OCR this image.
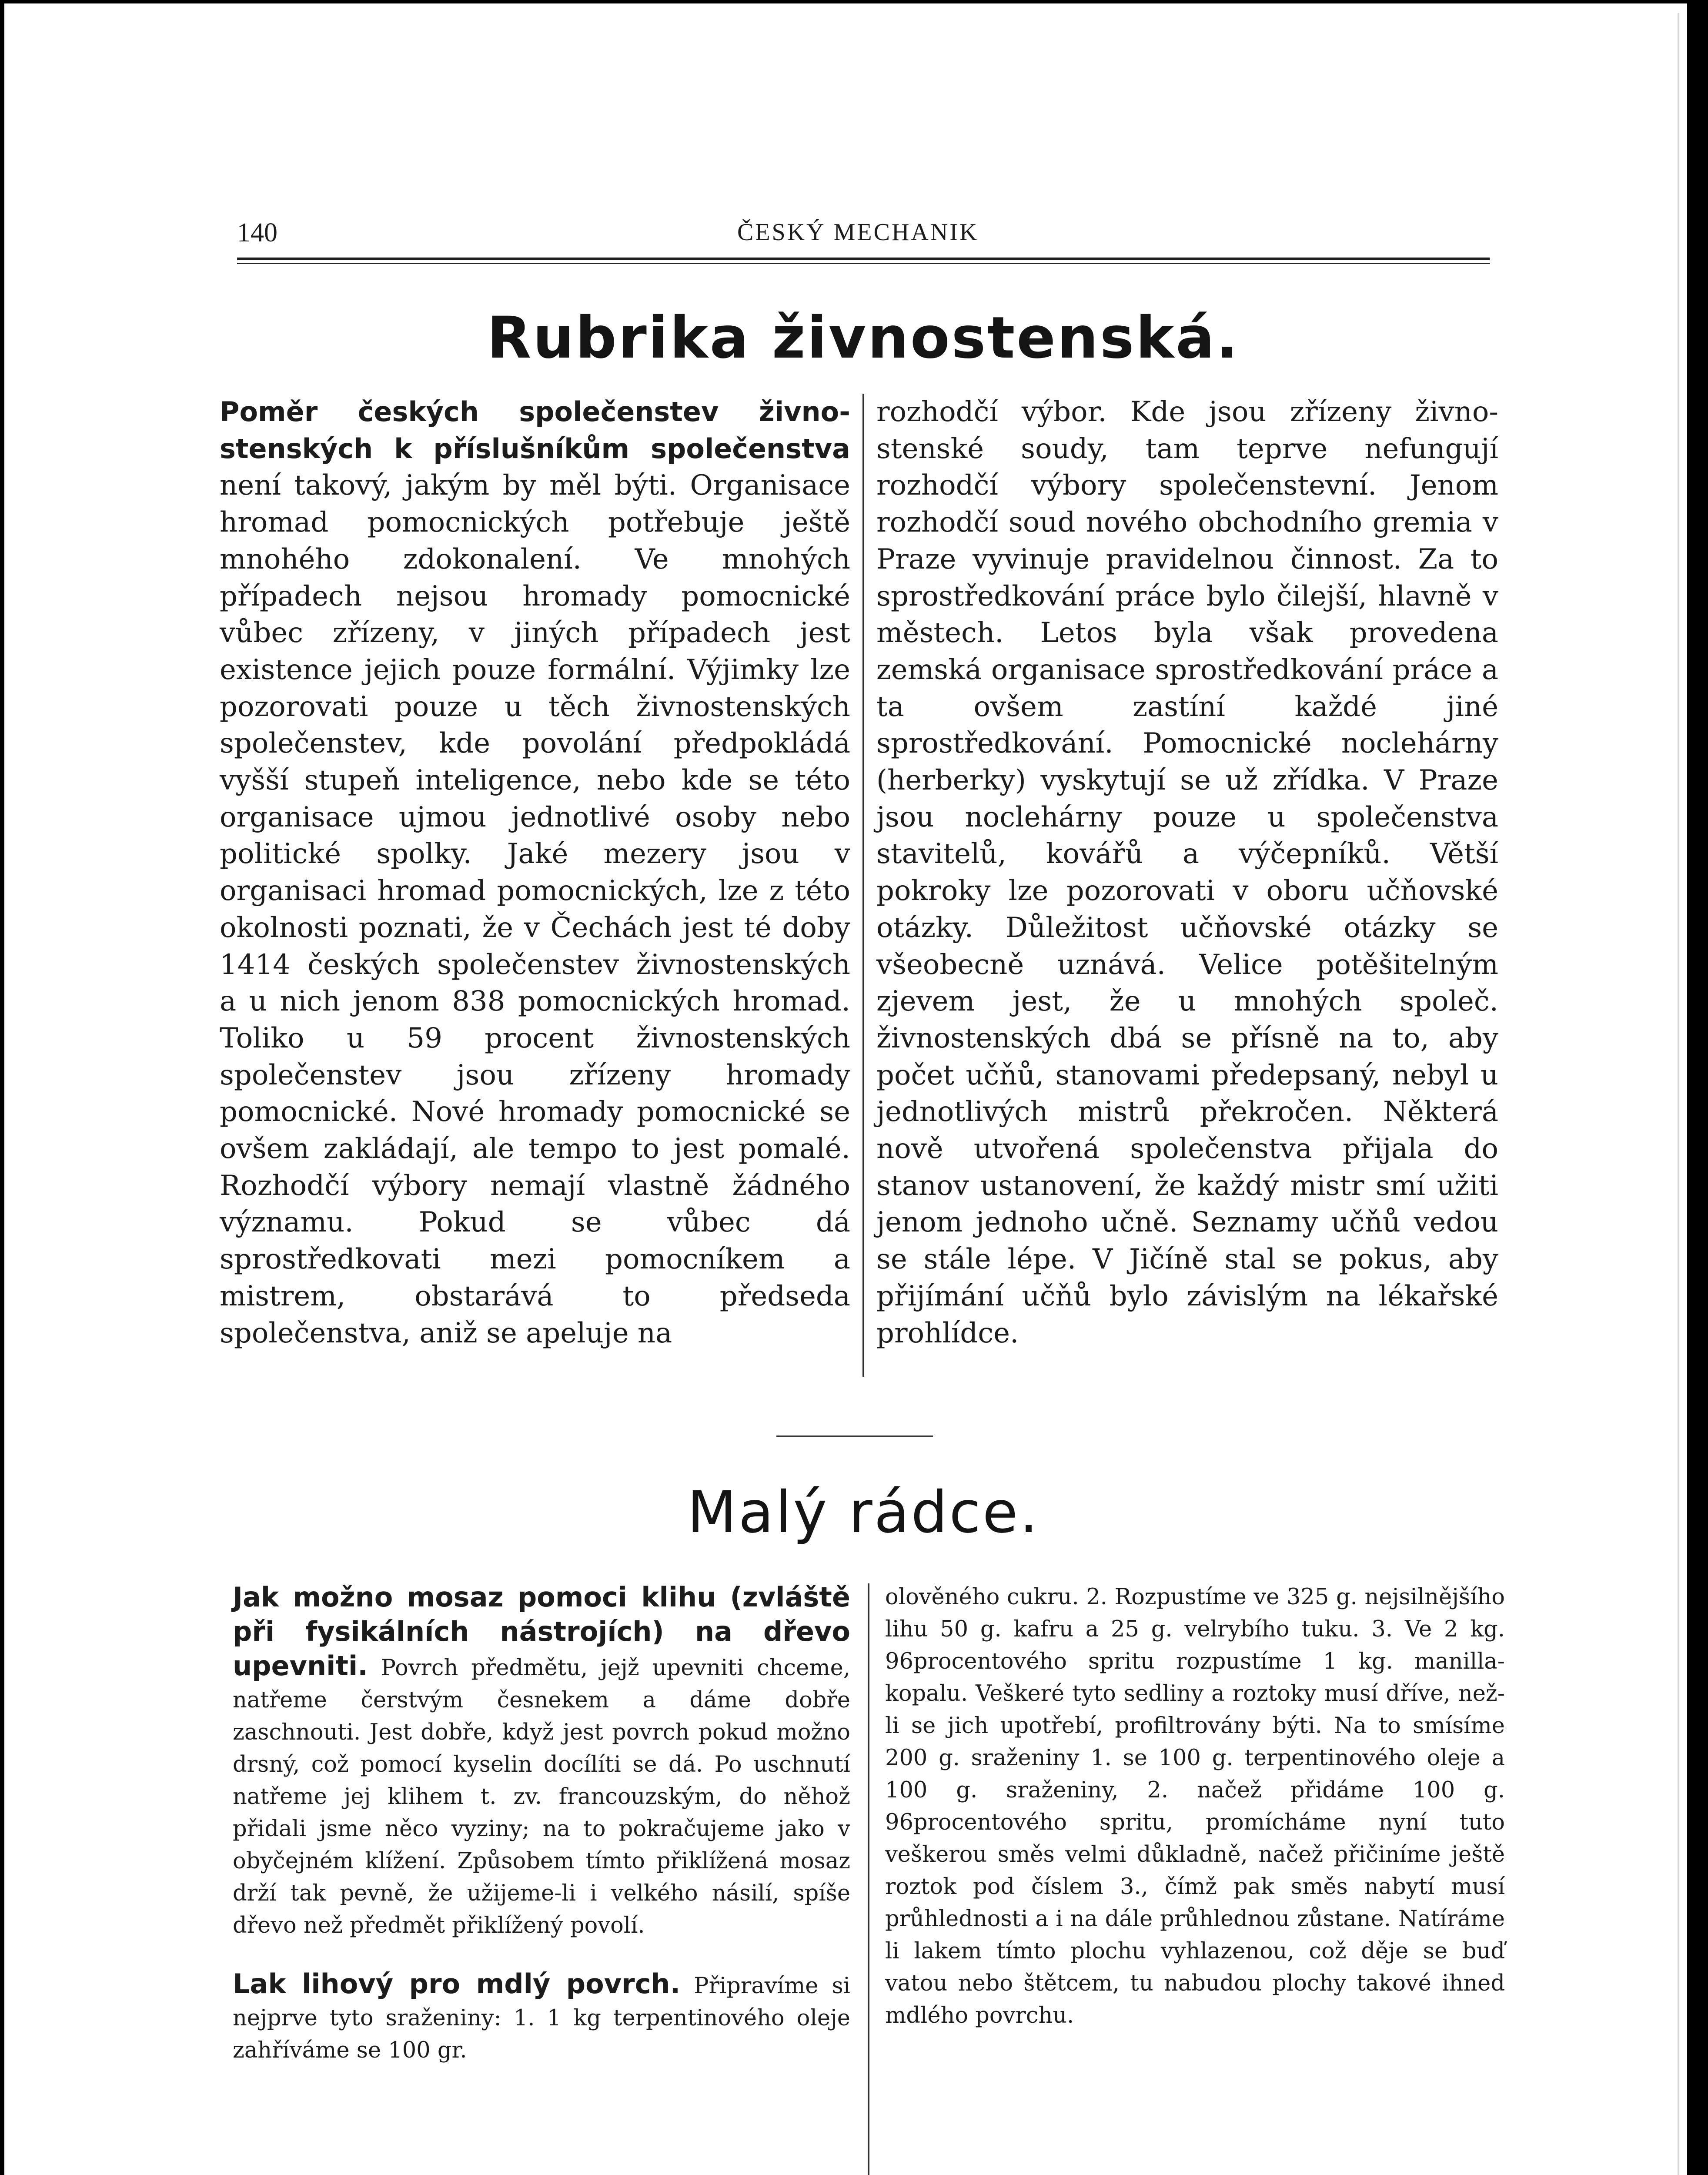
140	ČESKÝ MECHANIK
Rubrika živnostenská.

Poměr českých společenstev živnostenských k příslušníkům společenstva není takový, jakým by měl býti. Organisace hromad pomocnických potřebuje ještě mnohého zdokonalení. Ve mnohých případech nejsou hromady pomocnické vůbec zřízeny, v jiných případech jest existence jejich pouze formální. Výjimky lze pozorovati pouze u těch živnostenských společenstev, kde povolání předpokládá vyšší stupeň inteligence, nebo kde se této organisace ujmou jednotlivé osoby nebo politické spolky. Jaké mezery jsou v organisaci hromad pomocnických, lze z této okolnosti poznati, že v Čechách jest té doby 1414 českých společenstev živnostenských a u nich jenom 838 pomocnických hromad. Toliko u 59 procent živnostenských společenstev jsou zřízeny hromady pomocnické. Nové hromady pomocnické se ovšem zakládají, ale tempo to jest pomalé. Rozhodčí výbory nemají vlastně žádného významu. Pokud se vůbec dá sprostředkovati mezi pomocníkem a mistrem, obstarává to předseda společenstva, aniž se apeluje na

rozhodčí výbor. Kde jsou zřízeny živnostenské soudy, tam teprve nefungují rozhodčí výbory společenstevní. Jenom rozhodčí soud nového obchodního gremia v Praze vyvinuje pravidelnou činnost. Za to sprostředkování práce bylo čilejší, hlavně v městech. Letos byla však provedena zemská organisace sprostředkování práce a ta ovšem zastíní každé jiné sprostředkování. Pomocnické noclehárny (herberky) vyskytují se už zřídka. V Praze jsou noclehárny pouze u společenstva stavitelů, kovářů a výčepníků. Větší pokroky lze pozorovati v oboru učňovské otázky. Důležitost učňovské otázky se všeobecně uznává. Velice potěšitelným zjevem jest, že u mnohých společ. živnostenských dbá se přísně na to, aby počet učňů, stanovami předepsaný, nebyl u jednotlivých mistrů překročen. Některá nově utvořená společenstva přijala do stanov ustanovení, že každý mistr smí užiti jenom jednoho učně. Seznamy učňů vedou se stále lépe. V Jičíně stal se pokus, aby přijímání učňů bylo závislým na lékařské prohlídce.

Malý rádce.

Jak možno mosaz pomoci klihu (zvláště při fysikálních nástrojích) na dřevo upevniti. Povrch předmětu, jejž upevniti chceme, natřeme čerstvým česnekem a dáme dobře zaschnouti. Jest dobře, když jest povrch pokud možno drsný, což pomocí kyselin docílíti se dá. Po uschnutí natřeme jej klihem t. zv. francouzským, do něhož přidali jsme něco vyziny; na to pokračujeme jako v obyčejném klížení. Způsobem tímto přiklížená mosaz drží tak pevně, že užijeme-li i velkého násilí, spíše dřevo než předmět přiklížený povolí.

Lak lihový pro mdlý povrch. Připravíme si nejprve tyto sraženiny: 1. 1 kg terpentinového oleje zahříváme se 100 gr.

olověného cukru. 2. Rozpustíme ve 325 g. nejsilnějšího lihu 50 g. kafru a 25 g. velrybího tuku. 3. Ve 2 kg. 96procentového spritu rozpustíme 1 kg. manilla-kopalu. Veškeré tyto sedliny a roztoky musí dříve, než-li se jich upotřebí, profiltrovány býti. Na to smísíme 200 g. sraženiny 1. se 100 g. terpentinového oleje a 100 g. sraženiny, 2. načež přidáme 100 g. 96procentového spritu, promícháme nyní tuto veškerou směs velmi důkladně, načež přičiníme ještě roztok pod číslem 3., čímž pak směs nabytí musí průhlednosti a i na dále průhlednou zůstane. Natíráme li lakem tímto plochu vyhlazenou, což děje se buď vatou nebo štětcem, tu nabudou plochy takové ihned mdlého povrchu.
